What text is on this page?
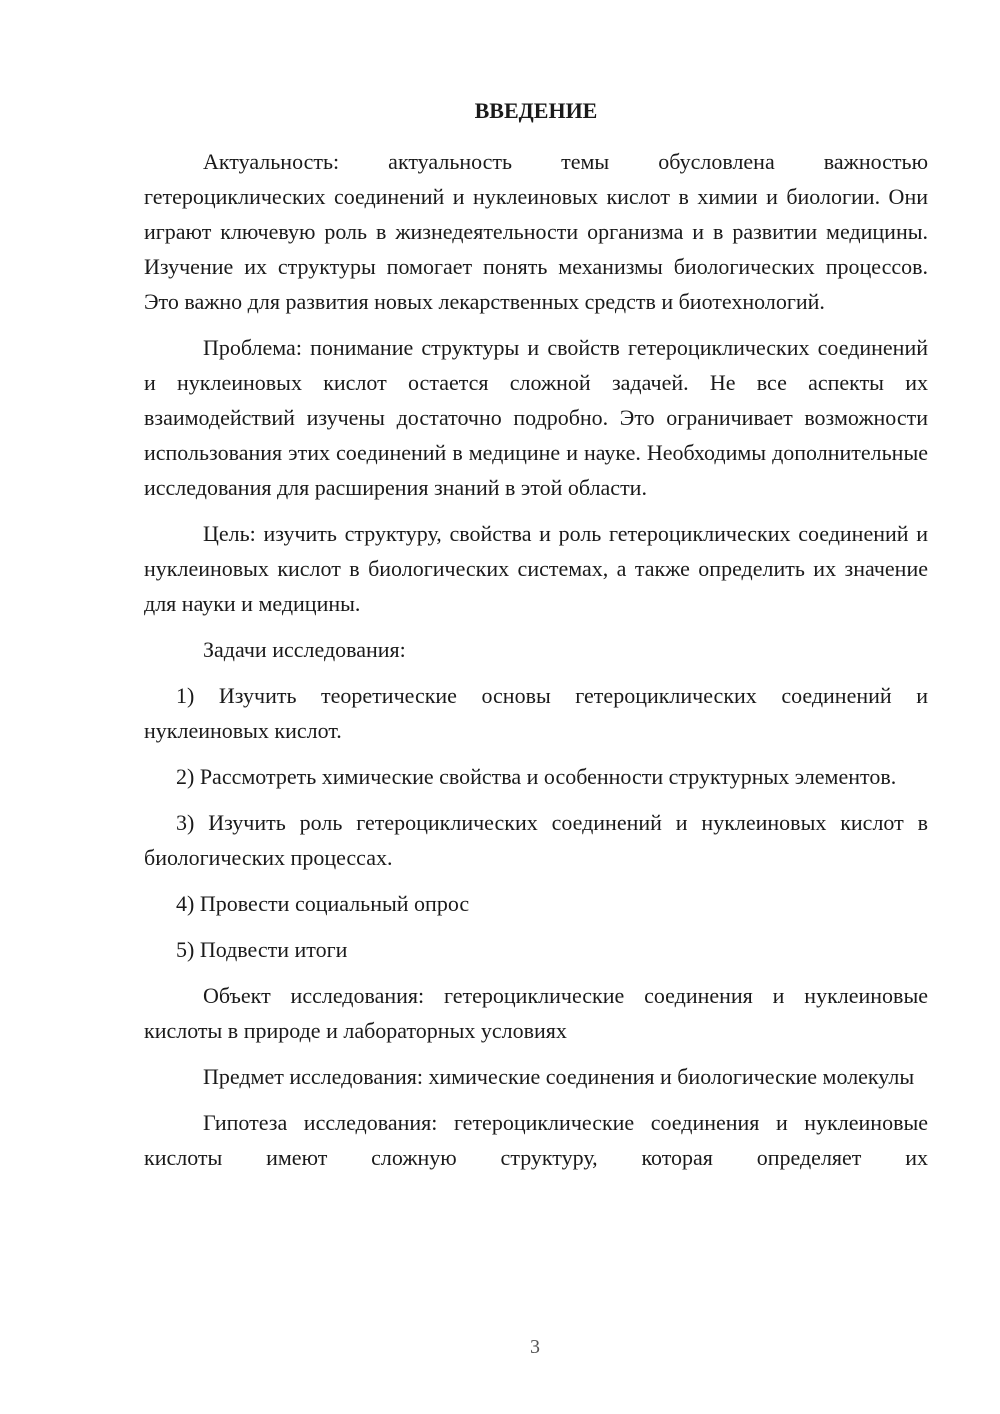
ВВЕДЕНИЕ

Актуальность: актуальность темы обусловлена важностью гетероциклических соединений и нуклеиновых кислот в химии и биологии. Они играют ключевую роль в жизнедеятельности организма и в развитии медицины. Изучение их структуры помогает понять механизмы биологических процессов. Это важно для развития новых лекарственных средств и биотехнологий.

Проблема: понимание структуры и свойств гетероциклических соединений и нуклеиновых кислот остается сложной задачей. Не все аспекты их взаимодействий изучены достаточно подробно. Это ограничивает возможности использования этих соединений в медицине и науке. Необходимы дополнительные исследования для расширения знаний в этой области.

Цель: изучить структуру, свойства и роль гетероциклических соединений и нуклеиновых кислот в биологических системах, а также определить их значение для науки и медицины.

Задачи исследования:

1) Изучить теоретические основы гетероциклических соединений и нуклеиновых кислот.

2) Рассмотреть химические свойства и особенности структурных элементов.

3) Изучить роль гетероциклических соединений и нуклеиновых кислот в биологических процессах.

4) Провести социальный опрос

5) Подвести итоги

Объект исследования: гетероциклические соединения и нуклеиновые кислоты в природе и лабораторных условиях

Предмет исследования: химические соединения и биологические молекулы

Гипотеза исследования: гетероциклические соединения и нуклеиновые кислоты имеют сложную структуру, которая определяет их

3
